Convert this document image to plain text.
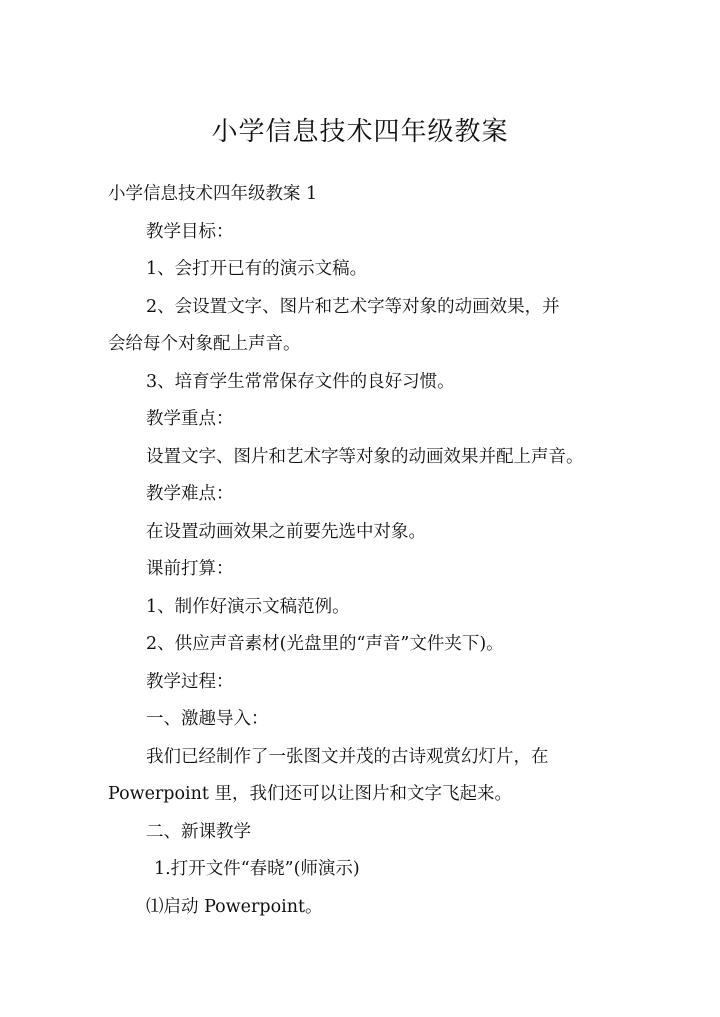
小学信息技术四年级教案
小学信息技术四年级教案 1
教学目标：
1、会打开已有的演示文稿。
2、会设置文字、图片和艺术字等对象的动画效果，并
会给每个对象配上声音。
3、培育学生常常保存文件的良好习惯。
教学重点：
设置文字、图片和艺术字等对象的动画效果并配上声音。
教学难点：
在设置动画效果之前要先选中对象。
课前打算：
1、制作好演示文稿范例。
2、供应声音素材(光盘里的“声音”文件夹下)。
教学过程：
一、激趣导入：
我们已经制作了一张图文并茂的古诗观赏幻灯片，在
Powerpoint 里，我们还可以让图片和文字飞起来。
二、新课教学
1.打开文件“春晓”(师演示)
⑴启动 Powerpoint。
